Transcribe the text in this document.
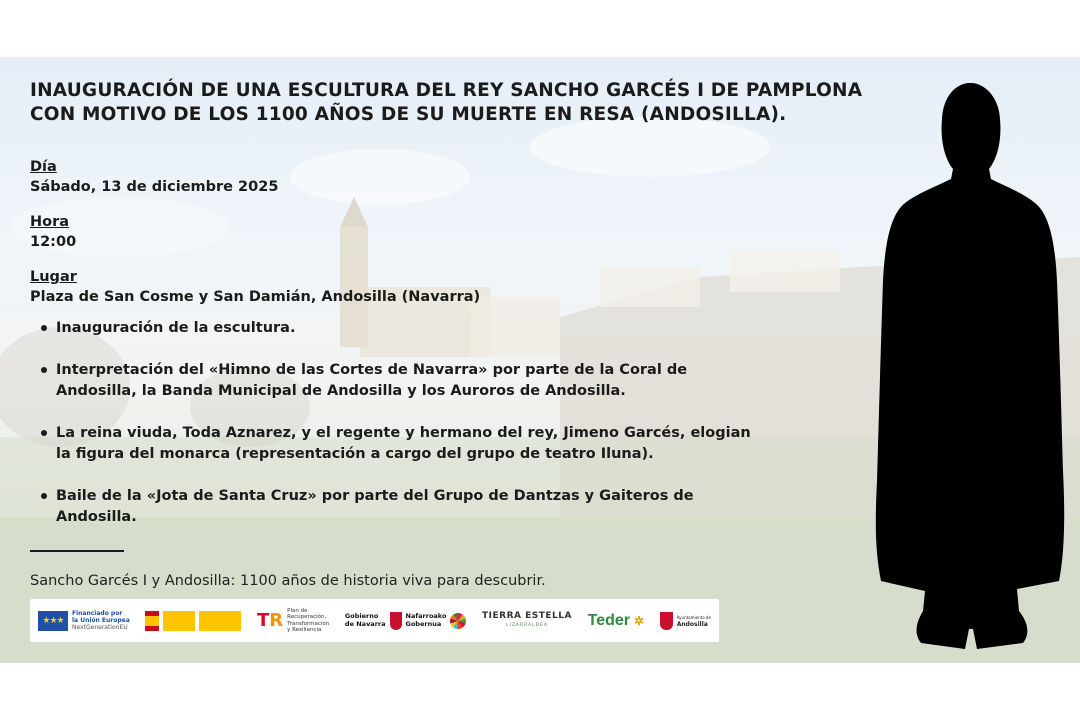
INAUGURACIÓN DE UNA ESCULTURA DEL REY SANCHO GARCÉS I DE PAMPLONA
CON MOTIVO DE LOS 1100 AÑOS DE SU MUERTE EN RESA (ANDOSILLA).
Día
Sábado, 13 de diciembre 2025
Hora
12:00
Lugar
Plaza de San Cosme y San Damián, Andosilla (Navarra)
Inauguración de la escultura.
Interpretación del «Himno de las Cortes de Navarra» por parte de la Coral de Andosilla, la Banda Municipal de Andosilla y los Auroros de Andosilla.
La reina viuda, Toda Aznarez, y el regente y hermano del rey, Jimeno Garcés, elogian la figura del monarca (representación a cargo del grupo de teatro Iluna).
Baile de la «Jota de Santa Cruz» por parte del Grupo de Dantzas y Gaiteros de Andosilla.
Sancho Garcés I y Andosilla: 1100 años de historia viva para descubrir.
★★★
Financiado por
la Unión Europea
NextGenerationEU	TR Plan de
Recuperación,
Transformación
y Resiliencia
Gobierno
de Navarra
Nafarroako
Gobernua
TIERRA ESTELLA
LIZARRALDEA	Teder ✲	Ayuntamiento de
Andosilla
